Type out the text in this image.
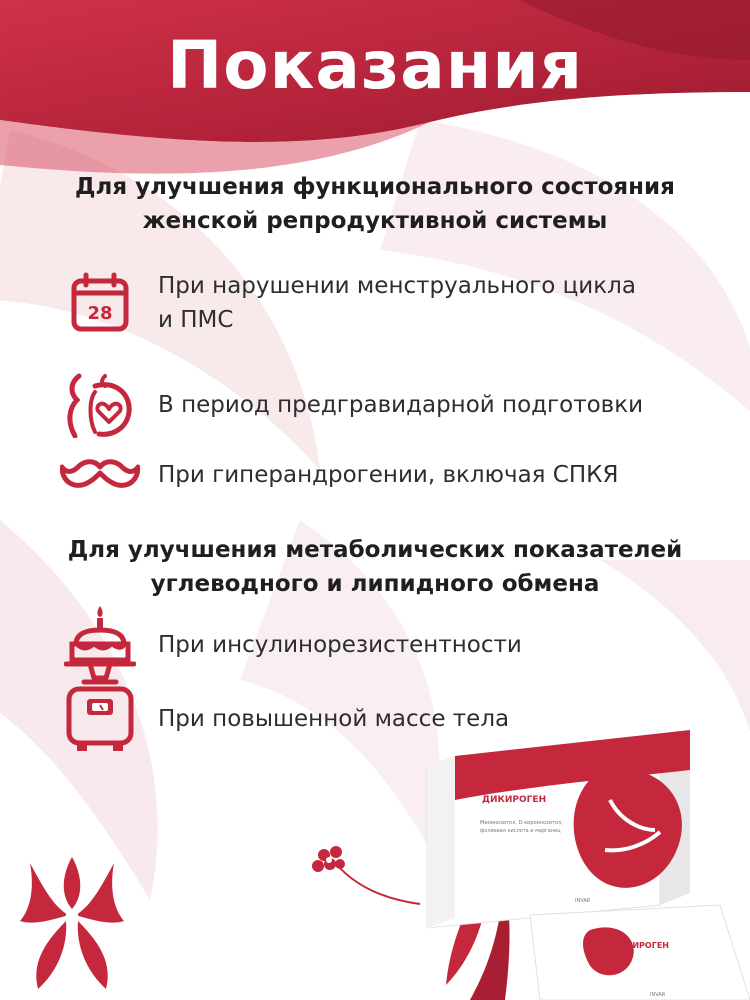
Показания
Для улучшения функционального состояния
женской репродуктивной системы
28
При нарушении менструального цикла
и ПМС
В период предгравидарной подготовки
При гиперандрогении, включая СПКЯ
Для улучшения метаболических показателей
углеводного и липидного обмена
При инсулинорезистентности
При повышенной массе тела
ДИКИРОГЕН
Миоинозитол, D-хироинозитол,
фолиевая кислота и марганец
INVAR
ДИКИРОГЕН
INVAR
